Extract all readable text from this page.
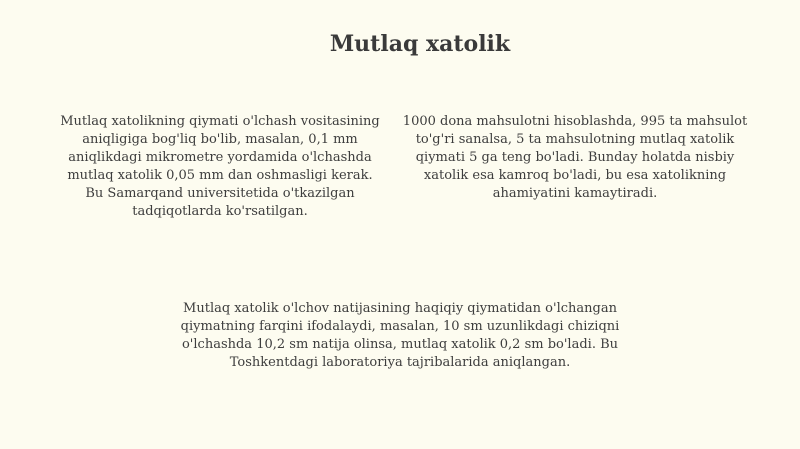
Mutlaq xatolik

Mutlaq xatolikning qiymati o'lchash vositasining aniqligiga bog'liq bo'lib, masalan, 0,1 mm aniqlikdagi mikrometre yordamida o'lchashda mutlaq xatolik 0,05 mm dan oshmasligi kerak. Bu Samarqand universitetida o'tkazilgan tadqiqotlarda ko'rsatilgan.

1000 dona mahsulotni hisoblashda, 995 ta mahsulot to'g'ri sanalsa, 5 ta mahsulotning mutlaq xatolik qiymati 5 ga teng bo'ladi. Bunday holatda nisbiy xatolik esa kamroq bo'ladi, bu esa xatolikning ahamiyatini kamaytiradi.

Mutlaq xatolik o'lchov natijasining haqiqiy qiymatidan o'lchangan qiymatning farqini ifodalaydi, masalan, 10 sm uzunlikdagi chiziqni o'lchashda 10,2 sm natija olinsa, mutlaq xatolik 0,2 sm bo'ladi. Bu Toshkentdagi laboratoriya tajribalarida aniqlangan.
